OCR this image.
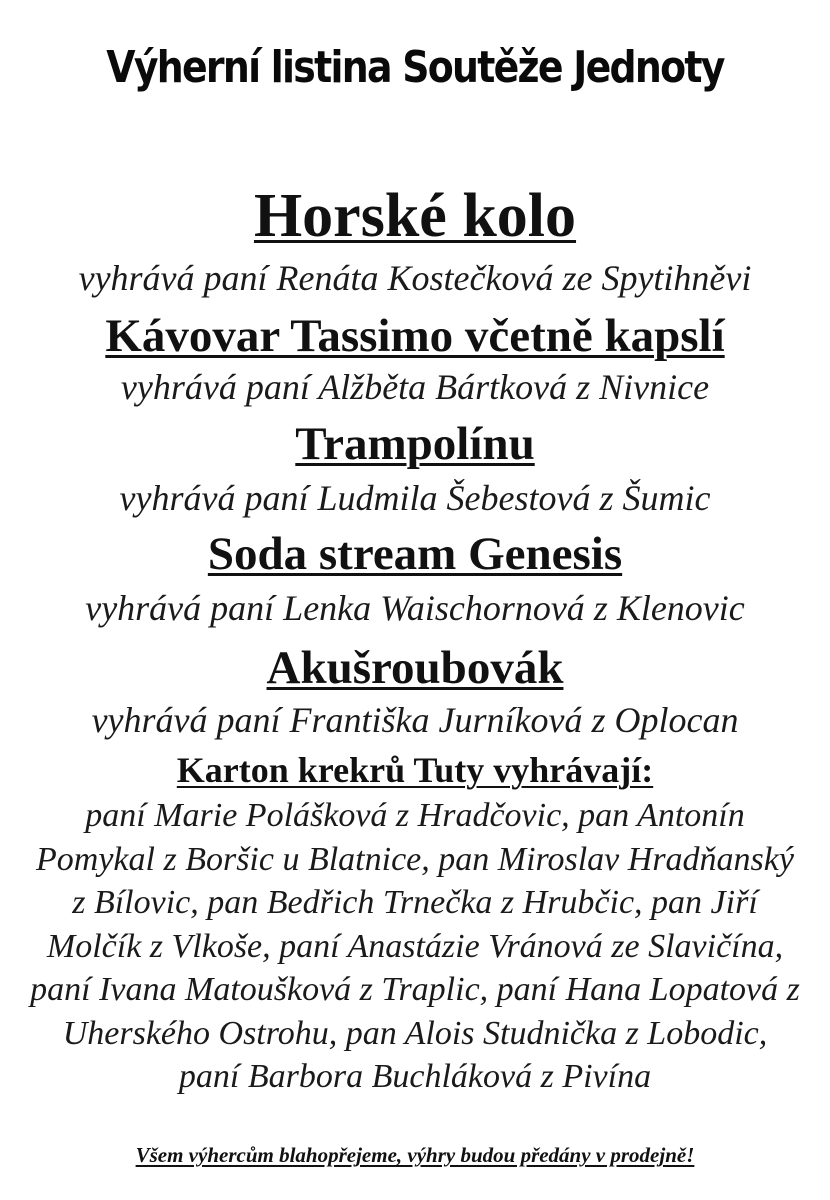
Výherní listina Soutěže Jednoty
Horské kolo
vyhrává paní Renáta Kostečková ze Spytihněvi
Kávovar Tassimo včetně kapslí
vyhrává paní Alžběta Bártková z Nivnice
Trampolínu
vyhrává paní Ludmila Šebestová z Šumic
Soda stream Genesis
vyhrává paní Lenka Waischornová z Klenovic
Akušroubovák
vyhrává paní Františka Jurníková z Oplocan
Karton krekrů Tuty vyhrávají:
paní Marie Polášková z Hradčovic, pan Antonín Pomykal z Boršic u Blatnice, pan Miroslav Hradňanský z Bílovic, pan Bedřich Trnečka z Hrubčic, pan Jiří Molčík z Vlkoše, paní Anastázie Vránová ze Slavičína, paní Ivana Matoušková z Traplic, paní Hana Lopatová z Uherského Ostrohu, pan Alois Studnička z Lobodic, paní Barbora Buchláková z Pivína
Všem výhercům blahopřejeme, výhry budou předány v prodejně!
